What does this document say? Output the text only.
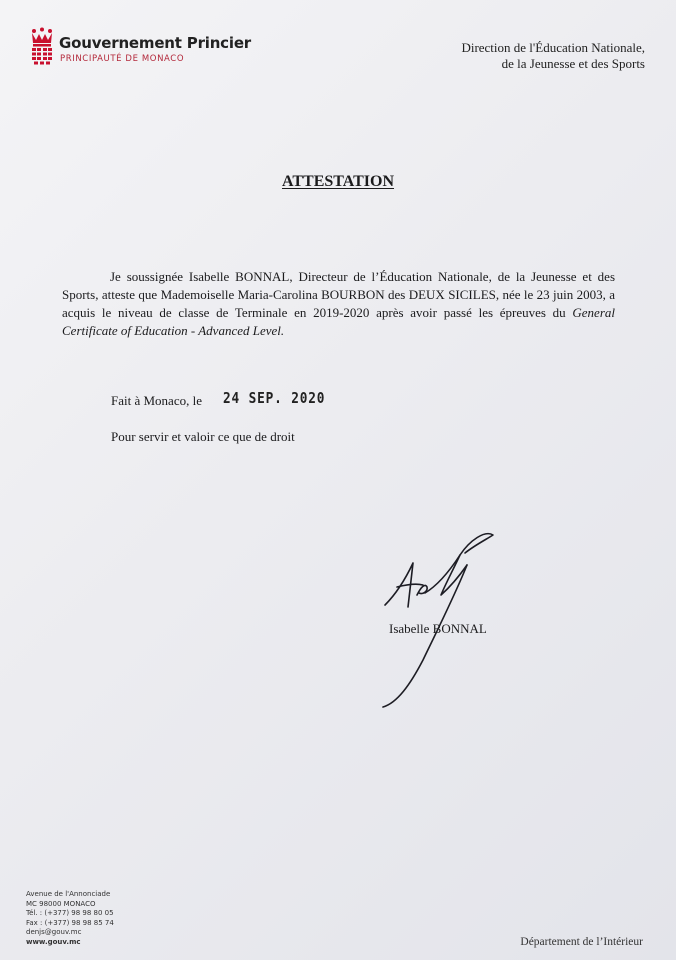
Gouvernement Princier
PRINCIPAUTÉ DE MONACO
Direction de l'Éducation Nationale,
de la Jeunesse et des Sports
ATTESTATION

Je soussignée Isabelle BONNAL, Directeur de l’Éducation Nationale, de la Jeunesse et des Sports, atteste que Mademoiselle Maria-Carolina BOURBON des DEUX SICILES, née le 23 juin 2003, a acquis le niveau de classe de Terminale en 2019-2020 après avoir passé les épreuves du General Certificate of Education - Advanced Level.

Fait à Monaco, le 24 SEP. 2020
Pour servir et valoir ce que de droit
Isabelle BONNAL
Avenue de l'Annonciade
MC 98000 MONACO
Tél. : (+377) 98 98 80 05
Fax : (+377) 98 98 85 74
denjs@gouv.mc
www.gouv.mc	Département de l’Intérieur
